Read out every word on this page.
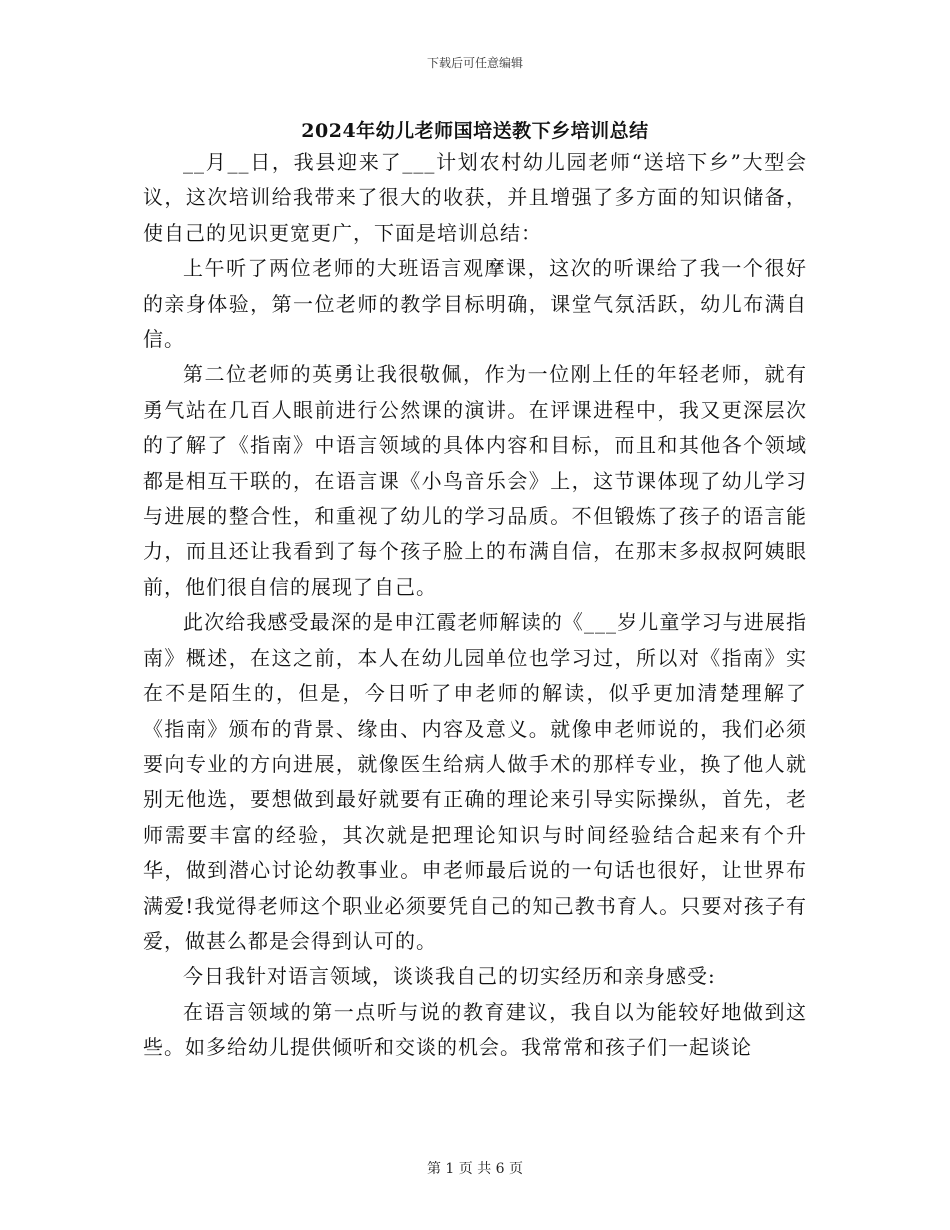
下载后可任意编辑
2024年幼儿老师国培送教下乡培训总结

__月__日，我县迎来了___计划农村幼儿园老师“送培下乡”大型会议，这次培训给我带来了很大的收获，并且增强了多方面的知识储备，使自己的见识更宽更广，下面是培训总结：

上午听了两位老师的大班语言观摩课，这次的听课给了我一个很好的亲身体验，第一位老师的教学目标明确，课堂气氛活跃，幼儿布满自信。

第二位老师的英勇让我很敬佩，作为一位刚上任的年轻老师，就有勇气站在几百人眼前进行公然课的演讲。在评课进程中，我又更深层次的了解了《指南》中语言领域的具体内容和目标，而且和其他各个领域都是相互干联的，在语言课《小鸟音乐会》上，这节课体现了幼儿学习与进展的整合性，和重视了幼儿的学习品质。不但锻炼了孩子的语言能力，而且还让我看到了每个孩子脸上的布满自信，在那末多叔叔阿姨眼前，他们很自信的展现了自己。

此次给我感受最深的是申江霞老师解读的《___岁儿童学习与进展指南》概述，在这之前，本人在幼儿园单位也学习过，所以对《指南》实在不是陌生的，但是，今日听了申老师的解读，似乎更加清楚理解了《指南》颁布的背景、缘由、内容及意义。就像申老师说的，我们必须要向专业的方向进展，就像医生给病人做手术的那样专业，换了他人就别无他选，要想做到最好就要有正确的理论来引导实际操纵，首先，老师需要丰富的经验，其次就是把理论知识与时间经验结合起来有个升华，做到潜心讨论幼教事业。申老师最后说的一句话也很好，让世界布满爱!我觉得老师这个职业必须要凭自己的知己教书育人。只要对孩子有爱，做甚么都是会得到认可的。

今日我针对语言领域，谈谈我自己的切实经历和亲身感受:

在语言领域的第一点听与说的教育建议，我自以为能较好地做到这些。如多给幼儿提供倾听和交谈的机会。我常常和孩子们一起谈论

第 1 页 共 6 页
